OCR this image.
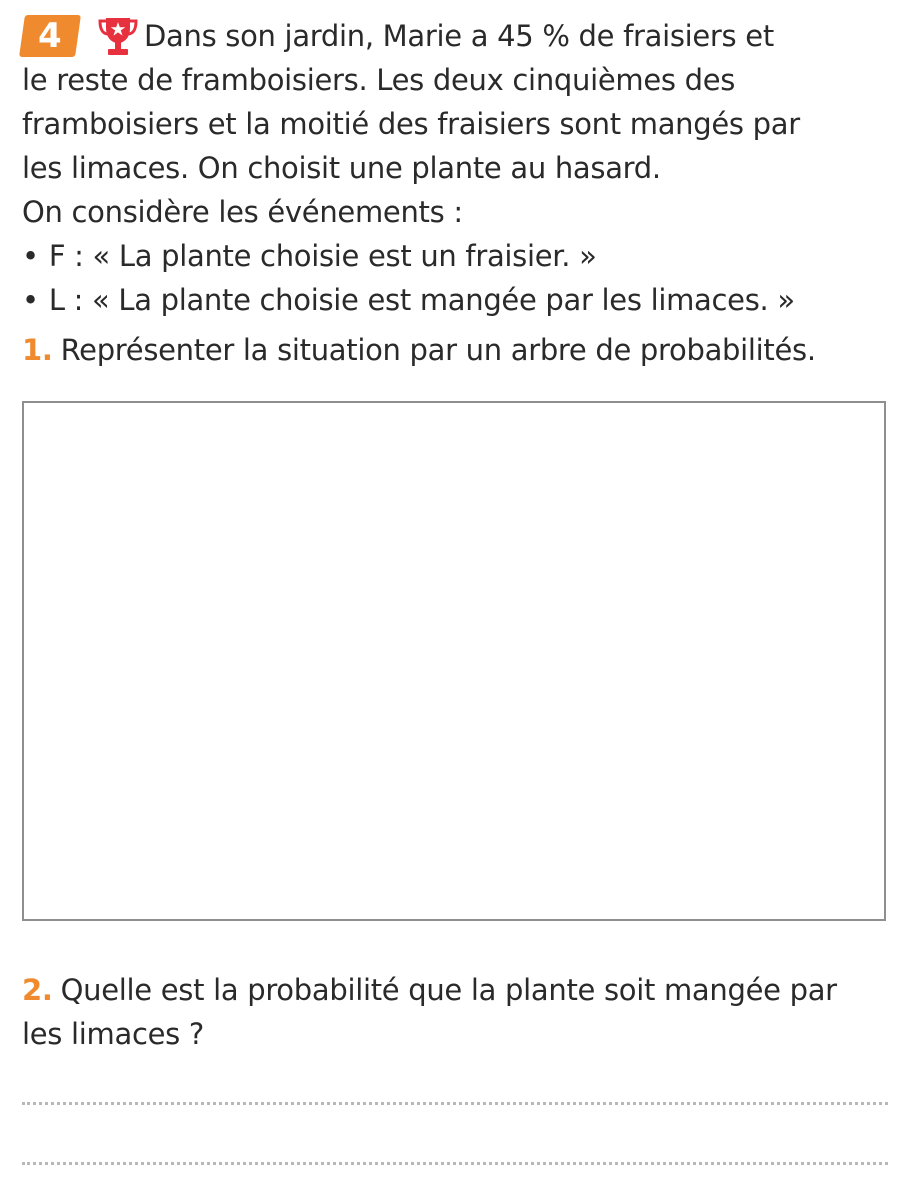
4	Dans son jardin, Marie a 45 % de fraisiers et
le reste de framboisiers. Les deux cinquièmes des
framboisiers et la moitié des fraisiers sont mangés par
les limaces. On choisit une plante au hasard.
On considère les événements :
• F : « La plante choisie est un fraisier. »
• L : « La plante choisie est mangée par les limaces. »
1. Représenter la situation par un arbre de probabilités.
2. Quelle est la probabilité que la plante soit mangée par
les limaces ?
